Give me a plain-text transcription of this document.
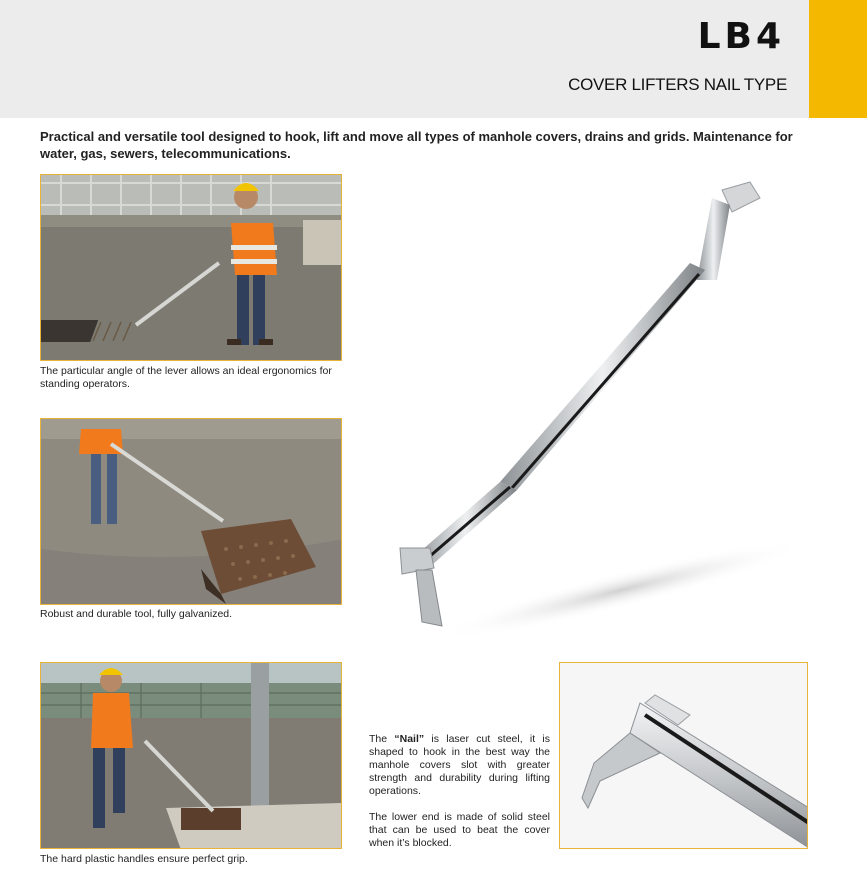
LB4
COVER LIFTERS NAIL TYPE
Practical and versatile tool designed to hook, lift and move all types of manhole covers, drains and grids. Maintenance for water, gas, sewers, telecommunications.
The particular angle of the lever allows an ideal ergonomics for standing operators.
Robust and durable tool, fully galvanized.
The hard plastic handles ensure perfect grip.

The “Nail” is laser cut steel, it is shaped to hook in the best way the manhole covers slot with greater strength and durability during lifting operations.

The lower end is made of solid steel that can be used to beat the cover when it’s blocked.
